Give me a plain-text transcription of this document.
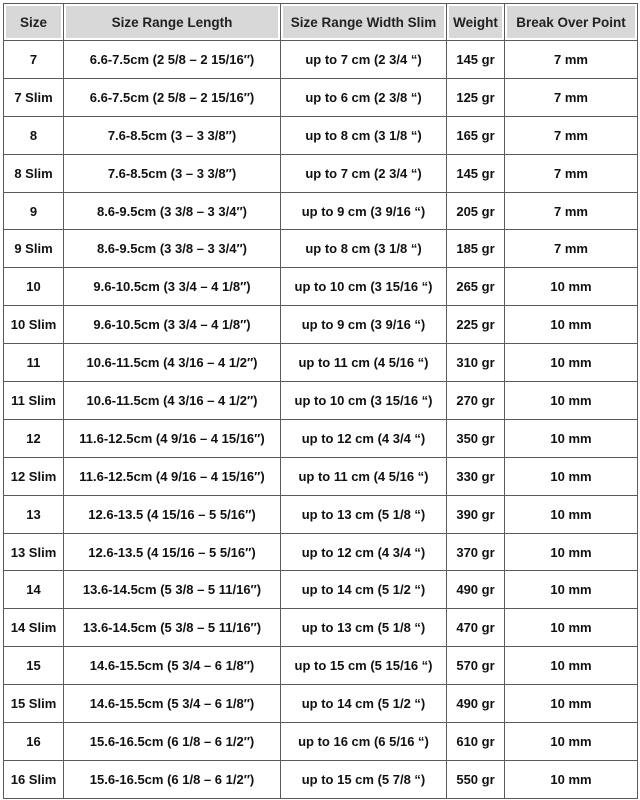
Size	Size Range Length	Size Range Width Slim	Weight	Break Over Point
7	6.6-7.5cm (2 5/8 – 2 15/16″)	up to 7 cm (2 3/4 “)	145 gr	7 mm
7 Slim	6.6-7.5cm (2 5/8 – 2 15/16″)	up to 6 cm (2 3/8 “)	125 gr	7 mm
8	7.6-8.5cm (3 – 3 3/8″)	up to 8 cm (3 1/8 “)	165 gr	7 mm
8 Slim	7.6-8.5cm (3 – 3 3/8″)	up to 7 cm (2 3/4 “)	145 gr	7 mm
9	8.6-9.5cm (3 3/8 – 3 3/4″)	up to 9 cm (3 9/16 “)	205 gr	7 mm
9 Slim	8.6-9.5cm (3 3/8 – 3 3/4″)	up to 8 cm (3 1/8 “)	185 gr	7 mm
10	9.6-10.5cm (3 3/4 – 4 1/8″)	up to 10 cm (3 15/16 “)	265 gr	10 mm
10 Slim	9.6-10.5cm (3 3/4 – 4 1/8″)	up to 9 cm (3 9/16 “)	225 gr	10 mm
11	10.6-11.5cm (4 3/16 – 4 1/2″)	up to 11 cm (4 5/16 “)	310 gr	10 mm
11 Slim	10.6-11.5cm (4 3/16 – 4 1/2″)	up to 10 cm (3 15/16 “)	270 gr	10 mm
12	11.6-12.5cm (4 9/16 – 4 15/16″)	up to 12 cm (4 3/4 “)	350 gr	10 mm
12 Slim	11.6-12.5cm (4 9/16 – 4 15/16″)	up to 11 cm (4 5/16 “)	330 gr	10 mm
13	12.6-13.5 (4 15/16 – 5 5/16″)	up to 13 cm (5 1/8 “)	390 gr	10 mm
13 Slim	12.6-13.5 (4 15/16 – 5 5/16″)	up to 12 cm (4 3/4 “)	370 gr	10 mm
14	13.6-14.5cm (5 3/8 – 5 11/16″)	up to 14 cm (5 1/2 “)	490 gr	10 mm
14 Slim	13.6-14.5cm (5 3/8 – 5 11/16″)	up to 13 cm (5 1/8 “)	470 gr	10 mm
15	14.6-15.5cm (5 3/4 – 6 1/8″)	up to 15 cm (5 15/16 “)	570 gr	10 mm
15 Slim	14.6-15.5cm (5 3/4 – 6 1/8″)	up to 14 cm (5 1/2 “)	490 gr	10 mm
16	15.6-16.5cm (6 1/8 – 6 1/2″)	up to 16 cm (6 5/16 “)	610 gr	10 mm
16 Slim	15.6-16.5cm (6 1/8 – 6 1/2″)	up to 15 cm (5 7/8 “)	550 gr	10 mm
